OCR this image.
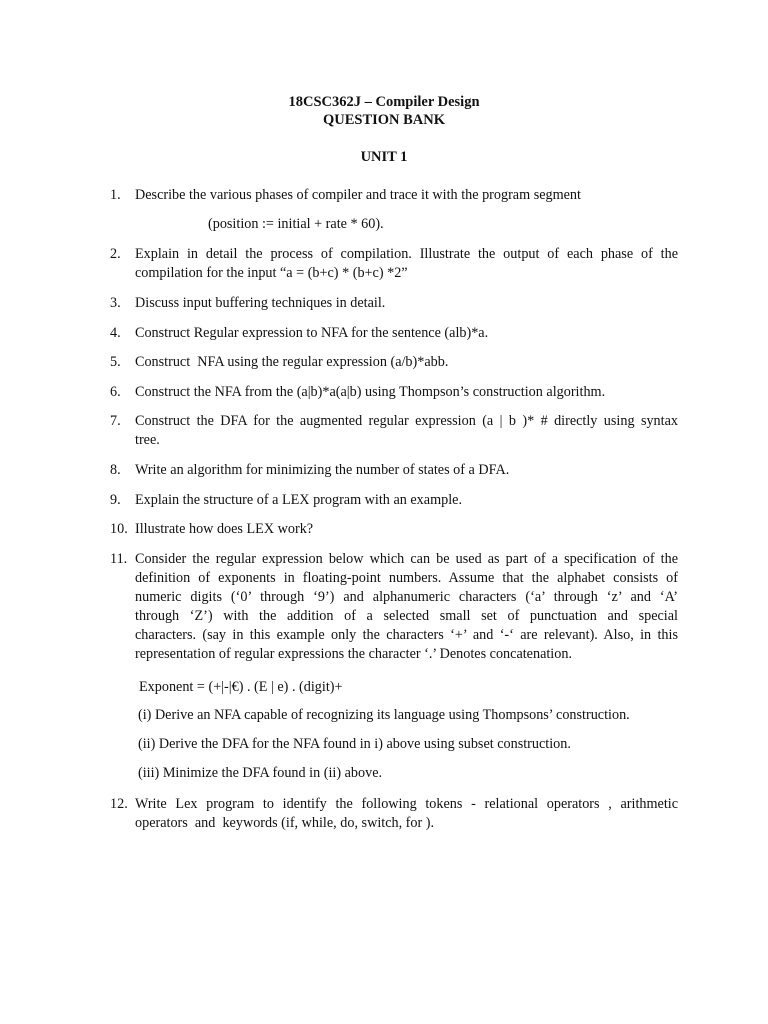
18CSC362J – Compiler Design
QUESTION BANK
UNIT 1
1.	Describe the various phases of compiler and trace it with the program segment
(position := initial + rate * 60).
2.	Explain in detail the process of compilation. Illustrate the output of each phase of the
compilation for the input “a = (b+c) * (b+c) *2”
3.	Discuss input buffering techniques in detail.
4.	Construct Regular expression to NFA for the sentence (alb)*a.
5.	Construct  NFA using the regular expression (a/b)*abb.
6.	Construct the NFA from the (a|b)*a(a|b) using Thompson’s construction algorithm.
7.	Construct the DFA for the augmented regular expression (a | b )* # directly using syntax
tree.
8.	Write an algorithm for minimizing the number of states of a DFA.
9.	Explain the structure of a LEX program with an example.
10. Illustrate how does LEX work?
11. Consider the regular expression below which can be used as part of a specification of the
definition of exponents in floating-point numbers. Assume that the alphabet consists of
numeric digits (‘0’ through ‘9’) and alphanumeric characters (‘a’ through ‘z’ and ‘A’
through ‘Z’) with the addition of a selected small set of punctuation and special
characters. (say in this example only the characters ‘+’ and ‘-‘ are relevant). Also, in this
representation of regular expressions the character ‘.’ Denotes concatenation.
Exponent = (+|-|€) . (E | e) . (digit)+
(i) Derive an NFA capable of recognizing its language using Thompsons’ construction.
(ii) Derive the DFA for the NFA found in i) above using subset construction.
(iii) Minimize the DFA found in (ii) above.
12. Write Lex program to identify the following tokens - relational operators , arithmetic
operators  and  keywords (if, while, do, switch, for ).
